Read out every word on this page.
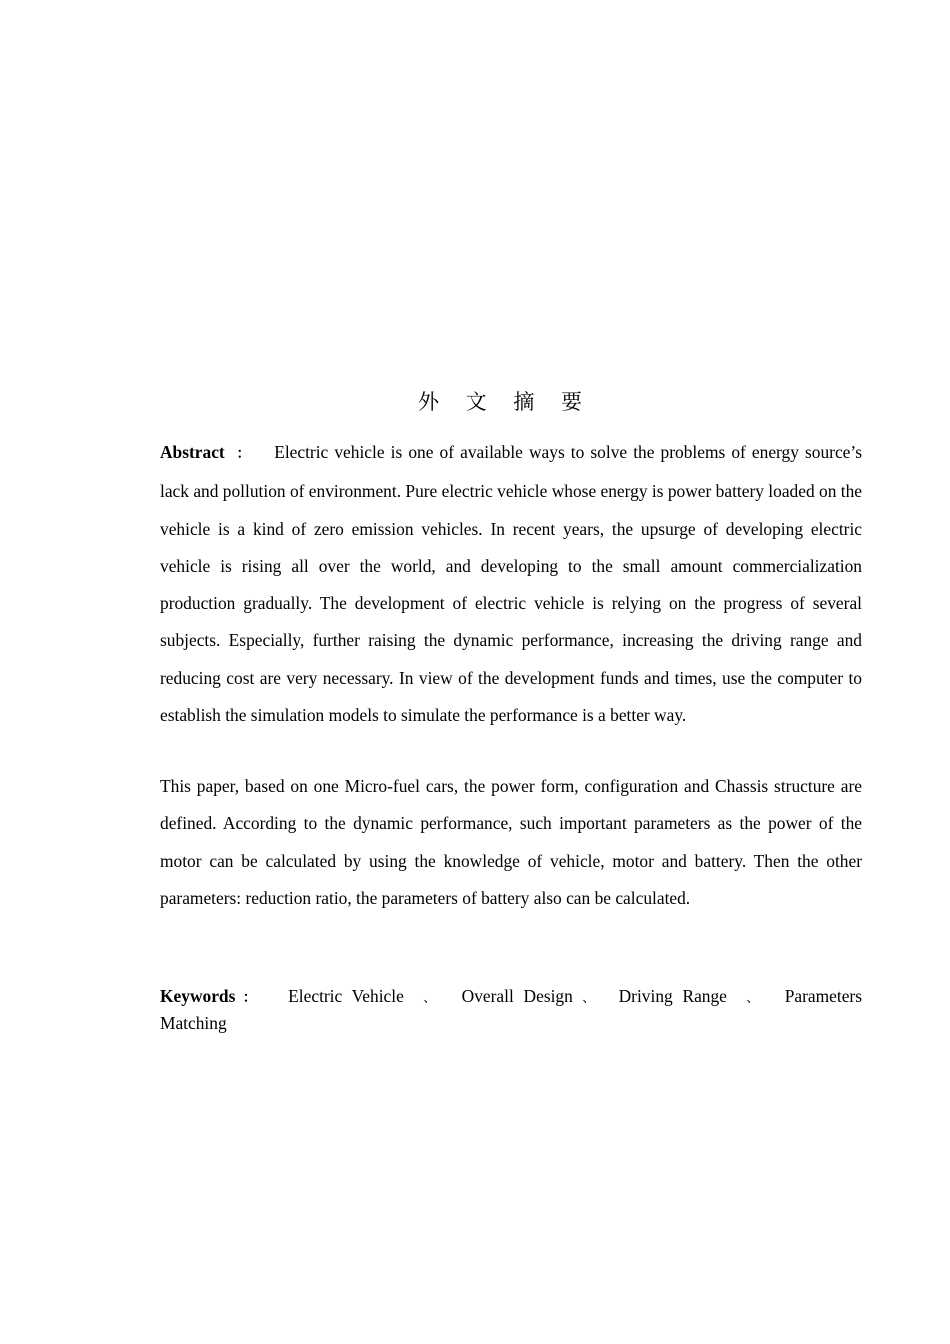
外 文 摘 要
Abstract ： Electric vehicle is one of available ways to solve the problems of energy source’s lack and pollution of environment. Pure electric vehicle whose energy is power battery loaded on the vehicle is a kind of zero emission vehicles. In recent years, the upsurge of developing electric vehicle is rising all over the world, and developing to the small amount commercialization production gradually. The development of electric vehicle is relying on the progress of several subjects. Especially, further raising the dynamic performance, increasing the driving range and reducing cost are very necessary. In view of the development funds and times, use the computer to establish the simulation models to simulate the performance is a better way.
This paper, based on one Micro-fuel cars, the power form, configuration and Chassis structure are defined. According to the dynamic performance, such important parameters as the power of the motor can be calculated by using the knowledge of vehicle, motor and battery. Then the other parameters: reduction ratio, the parameters of battery also can be calculated.
Keywords ： Electric Vehicle 、 Overall Design 、 Driving Range 、 Parameters Matching
